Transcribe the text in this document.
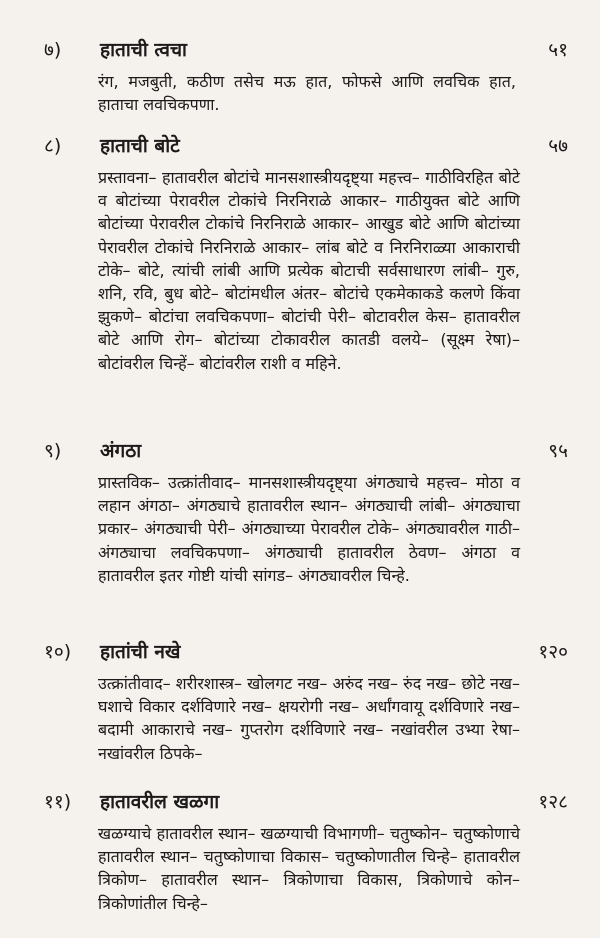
७) हाताची त्वचा	५१
रंग, मजबुती, कठीण तसेच मऊ हात, फोफसे आणि लवचिक हात, हाताचा लवचिकपणा.
८) हाताची बोटे	५७
प्रस्तावना– हातावरील बोटांचे मानसशास्त्रीयदृष्ट्या महत्त्व– गाठीविरहित बोटे व बोटांच्या पेरावरील टोकांचे निरनिराळे आकार– गाठीयुक्त बोटे आणि बोटांच्या पेरावरील टोकांचे निरनिराळे आकार– आखुड बोटे आणि बोटांच्या पेरावरील टोकांचे निरनिराळे आकार– लांब बोटे व निरनिराळ्या आकाराची टोके– बोटे, त्यांची लांबी आणि प्रत्येक बोटाची सर्वसाधारण लांबी– गुरु, शनि, रवि, बुध बोटे– बोटांमधील अंतर– बोटांचे एकमेकाकडे कलणे किंवा झुकणे– बोटांचा लवचिकपणा– बोटांची पेरी– बोटावरील केस– हातावरील बोटे आणि रोग– बोटांच्या टोकावरील कातडी वलये– (सूक्ष्म रेषा)– बोटांवरील चिन्हें– बोटांवरील राशी व महिने.
९) अंगठा	९५
प्रास्तविक– उत्क्रांतीवाद– मानसशास्त्रीयदृष्ट्या अंगठ्याचे महत्त्व– मोठा व लहान अंगठा– अंगठ्याचे हातावरील स्थान– अंगठ्याची लांबी– अंगठ्याचा प्रकार– अंगठ्याची पेरी– अंगठ्याच्या पेरावरील टोके– अंगठ्यावरील गाठी– अंगठ्याचा लवचिकपणा– अंगठ्याची हातावरील ठेवण– अंगठा व हातावरील इतर गोष्टी यांची सांगड– अंगठ्यावरील चिन्हे.
१०) हातांची नखे	१२०
उत्क्रांतीवाद– शरीरशास्त्र– खोलगट नख– अरुंद नख– रुंद नख– छोटे नख– घशाचे विकार दर्शविणारे नख– क्षयरोगी नख– अर्धांगवायू दर्शविणारे नख– बदामी आकाराचे नख– गुप्तरोग दर्शविणारे नख– नखांवरील उभ्या रेषा– नखांवरील ठिपके–
११) हातावरील खळगा	१२८
खळग्याचे हातावरील स्थान– खळग्याची विभागणी– चतुष्कोन– चतुष्कोणाचे हातावरील स्थान– चतुष्कोणाचा विकास– चतुष्कोणातील चिन्हे– हातावरील त्रिकोण– हातावरील स्थान– त्रिकोणाचा विकास, त्रिकोणाचे कोन– त्रिकोणांतील चिन्हे–
